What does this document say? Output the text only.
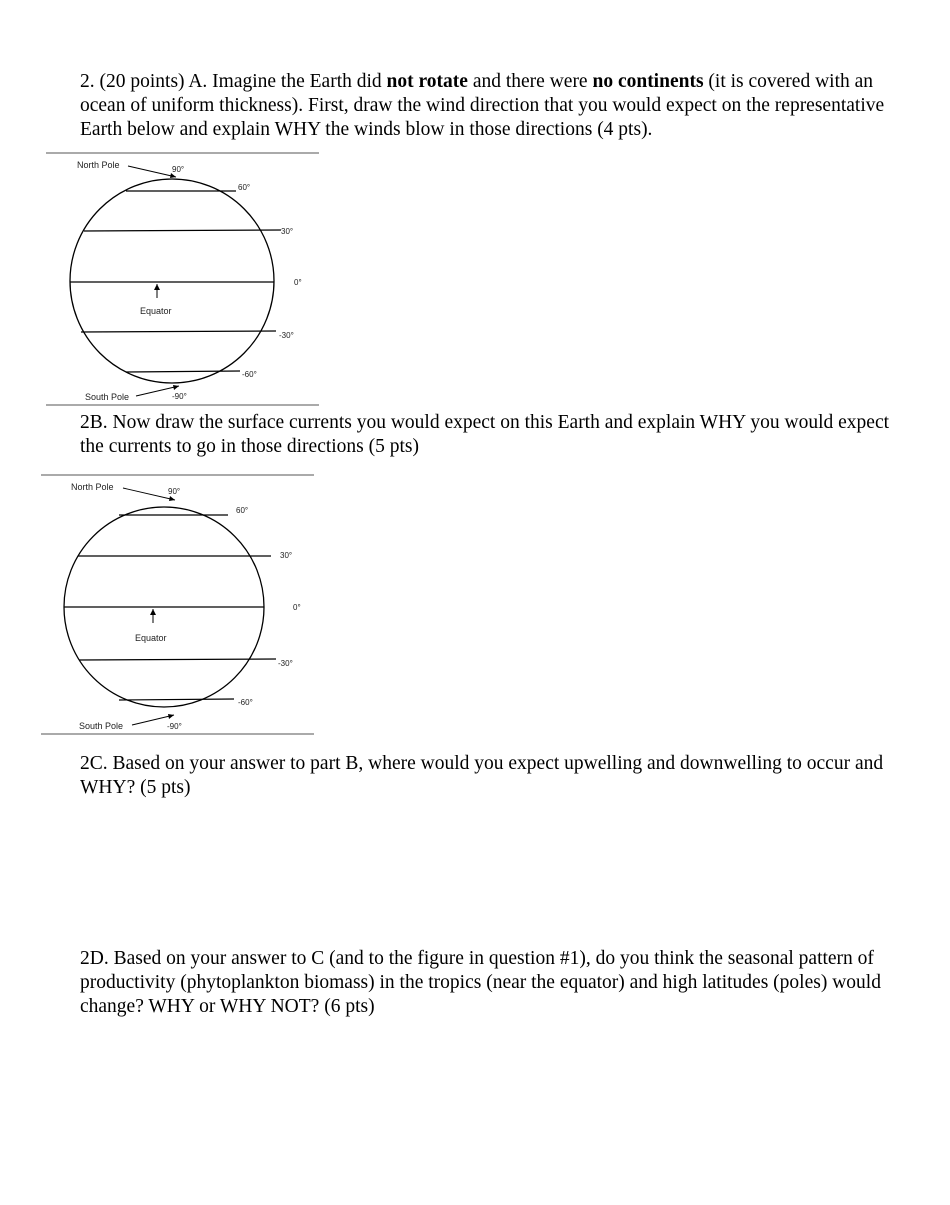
2. (20 points) A. Imagine the Earth did not rotate and there were no continents (it is covered with an ocean of uniform thickness). First, draw the wind direction that you would expect on the representative Earth below and explain WHY the winds blow in those directions (4 pts).

North Pole	90°
60°
30°
0°
-30°
-60°
Equator
South Pole	-90°

2B. Now draw the surface currents you would expect on this Earth and explain WHY you would expect the currents to go in those directions (5 pts)

North Pole	90°
60°
30°
0°
-30°
-60°
Equator
South Pole	-90°

2C. Based on your answer to part B, where would you expect upwelling and downwelling to occur and WHY? (5 pts)

2D. Based on your answer to C (and to the figure in question #1), do you think the seasonal pattern of productivity (phytoplankton biomass) in the tropics (near the equator) and high latitudes (poles) would change? WHY or WHY NOT? (6 pts)
